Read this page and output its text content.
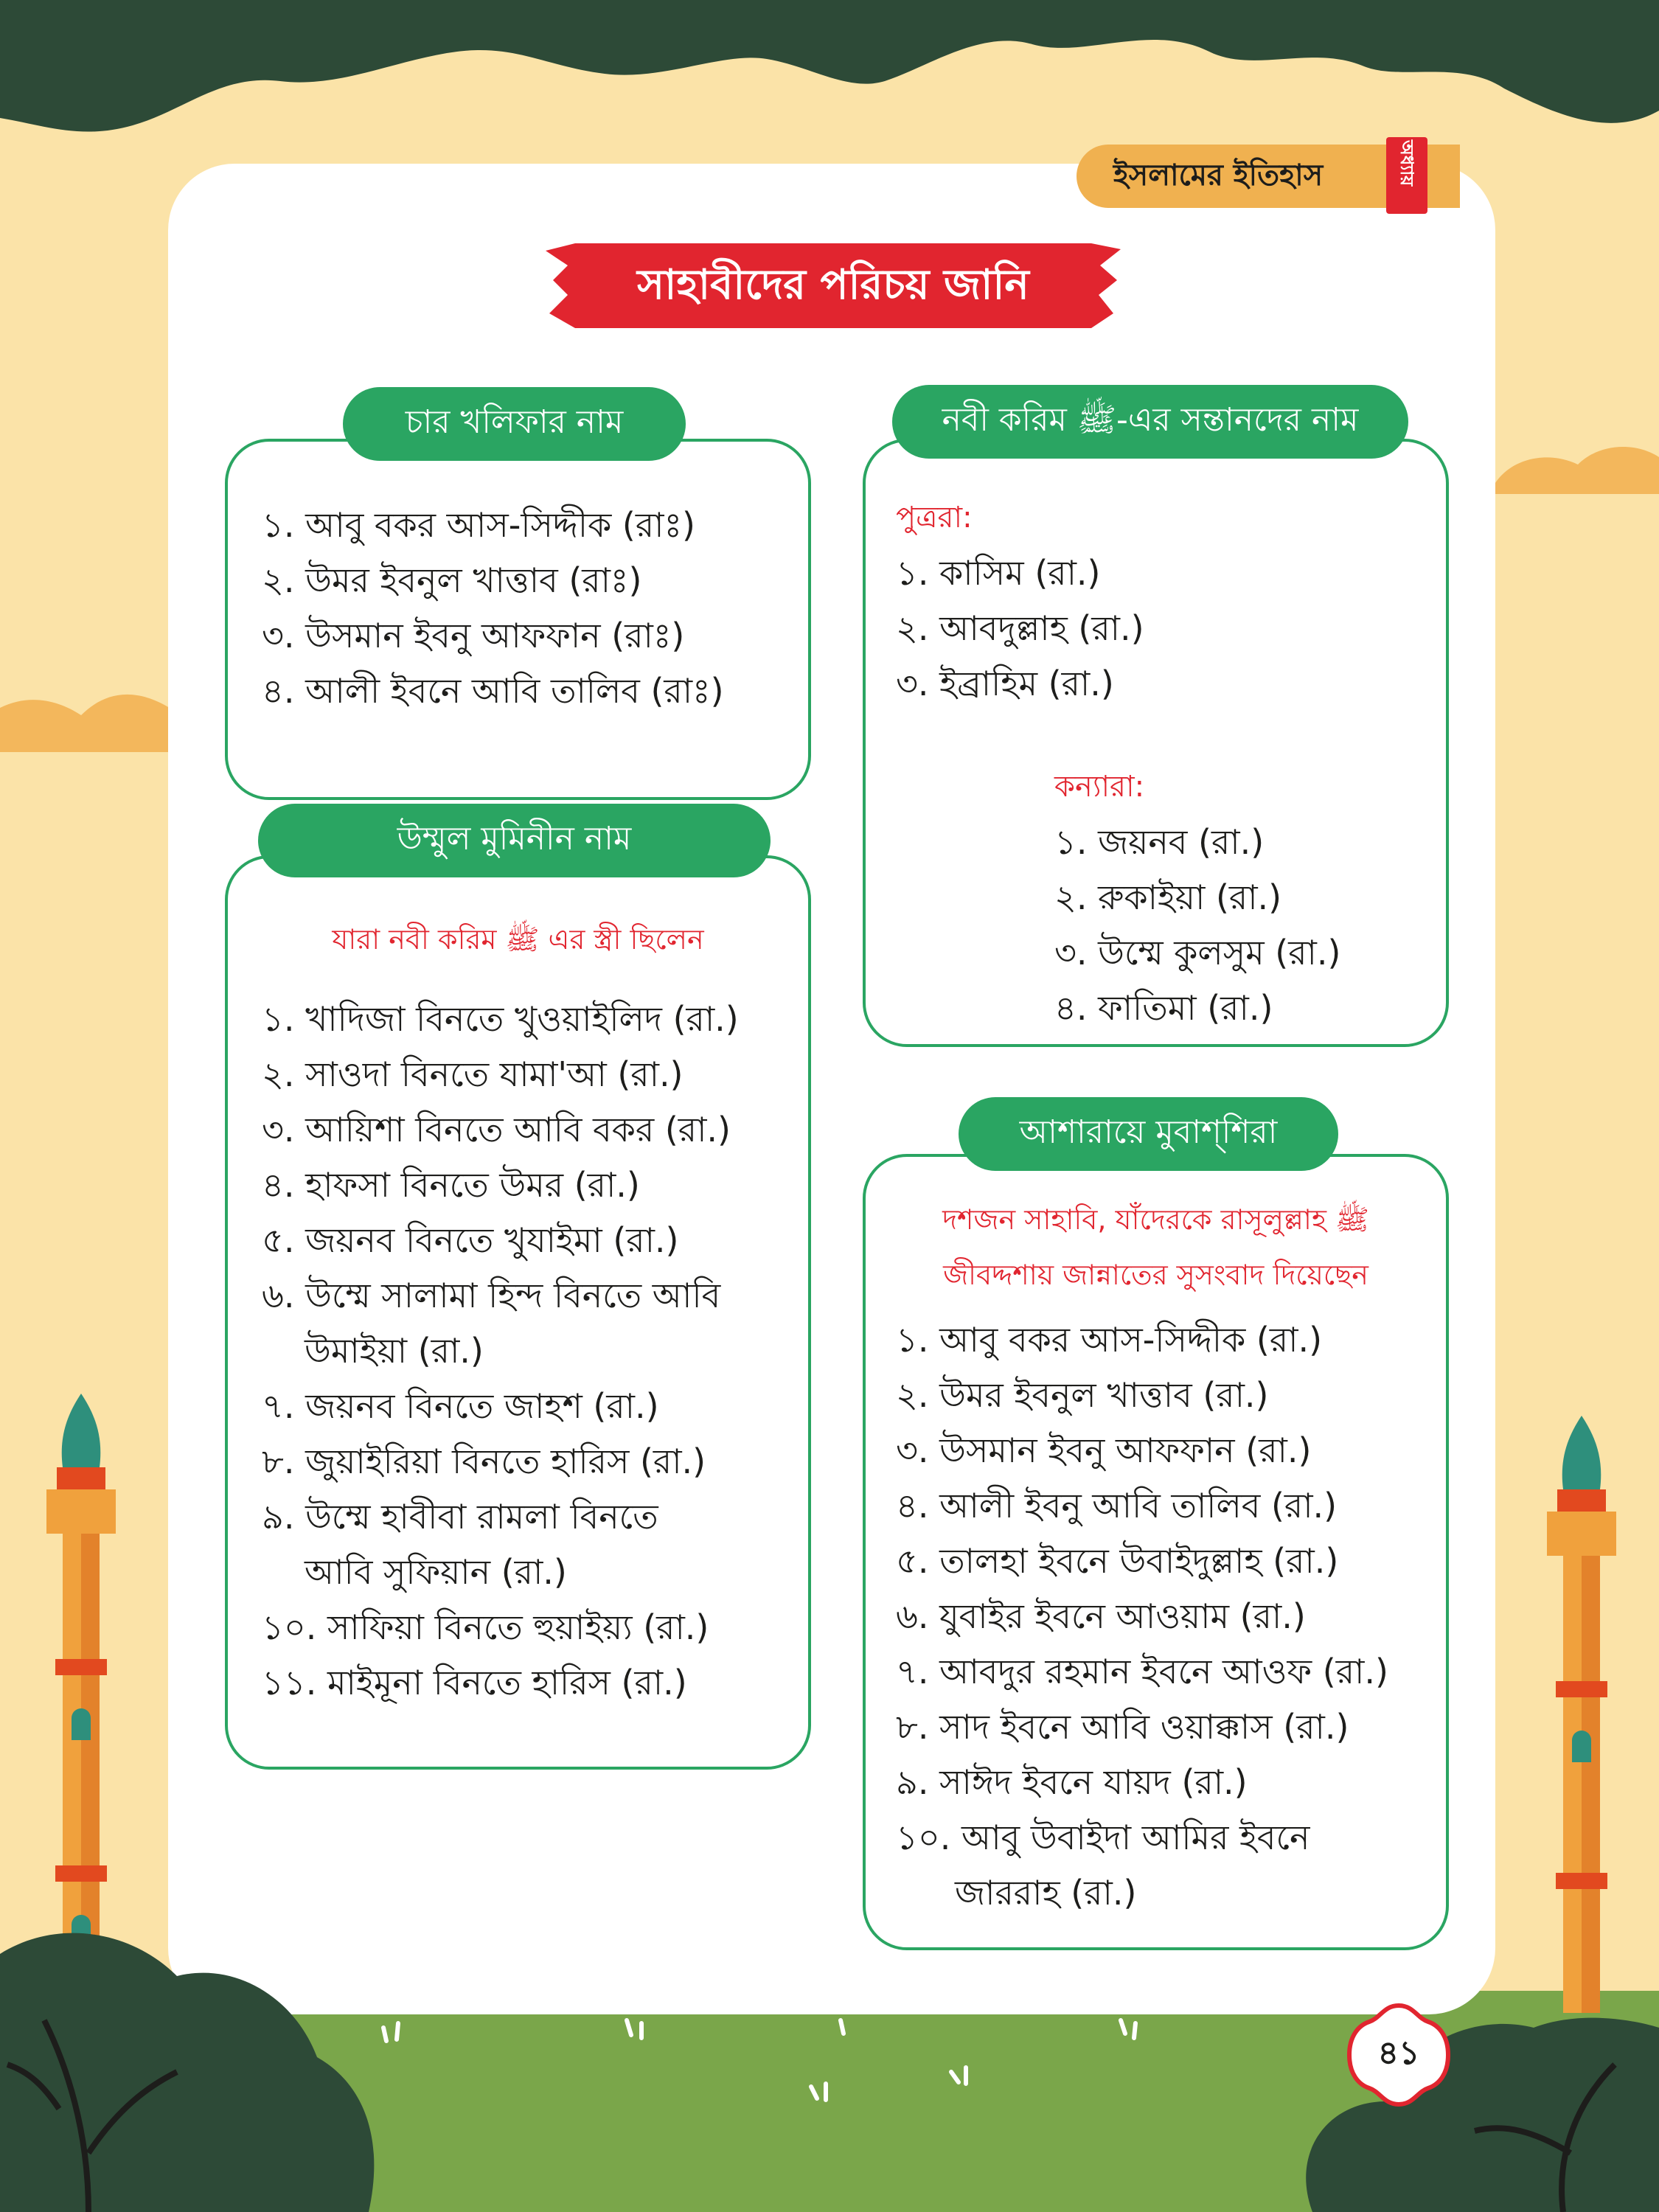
ইসলামের ইতিহাস	অধ্যায়
সাহাবীদের পরিচয় জানি
চার খলিফার নাম
১. আবু বকর আস-সিদ্দীক (রাঃ)
২. উমর ইবনুল খাত্তাব (রাঃ)
৩. উসমান ইবনু আফফান (রাঃ)
৪. আলী ইবনে আবি তালিব (রাঃ)
নবী করিম ﷺ-এর সন্তানদের নাম
পুত্ররা:
১. কাসিম (রা.)
২. আবদুল্লাহ (রা.)
৩. ইব্রাহিম (রা.)
কন্যারা:
১. জয়নব (রা.)
২. রুকাইয়া (রা.)
৩. উম্মে কুলসুম (রা.)
৪. ফাতিমা (রা.)
উম্মুল মুমিনীন নাম
যারা নবী করিম ﷺ এর স্ত্রী ছিলেন
১. খাদিজা বিনতে খুওয়াইলিদ (রা.)
২. সাওদা বিনতে যামা'আ (রা.)
৩. আয়িশা বিনতে আবি বকর (রা.)
৪. হাফসা বিনতে উমর (রা.)
৫. জয়নব বিনতে খুযাইমা (রা.)
৬. উম্মে সালামা হিন্দ বিনতে আবি
উমাইয়া (রা.)
৭. জয়নব বিনতে জাহশ (রা.)
৮. জুয়াইরিয়া বিনতে হারিস (রা.)
৯. উম্মে হাবীবা রামলা বিনতে
আবি সুফিয়ান (রা.)
১০. সাফিয়া বিনতে হুয়াইয়্য (রা.)
১১. মাইমূনা বিনতে হারিস (রা.)
আশারায়ে মুবাশ্‌শিরা
দশজন সাহাবি, যাঁদেরকে রাসূলুল্লাহ ﷺ
জীবদ্দশায় জান্নাতের সুসংবাদ দিয়েছেন
১. আবু বকর আস-সিদ্দীক (রা.)
২. উমর ইবনুল খাত্তাব (রা.)
৩. উসমান ইবনু আফফান (রা.)
৪. আলী ইবনু আবি তালিব (রা.)
৫. তালহা ইবনে উবাইদুল্লাহ (রা.)
৬. যুবাইর ইবনে আওয়াম (রা.)
৭. আবদুর রহমান ইবনে আওফ (রা.)
৮. সাদ ইবনে আবি ওয়াক্কাস (রা.)
৯. সাঈদ ইবনে যায়দ (রা.)
১০. আবু উবাইদা আমির ইবনে
জাররাহ (রা.)
৪১
